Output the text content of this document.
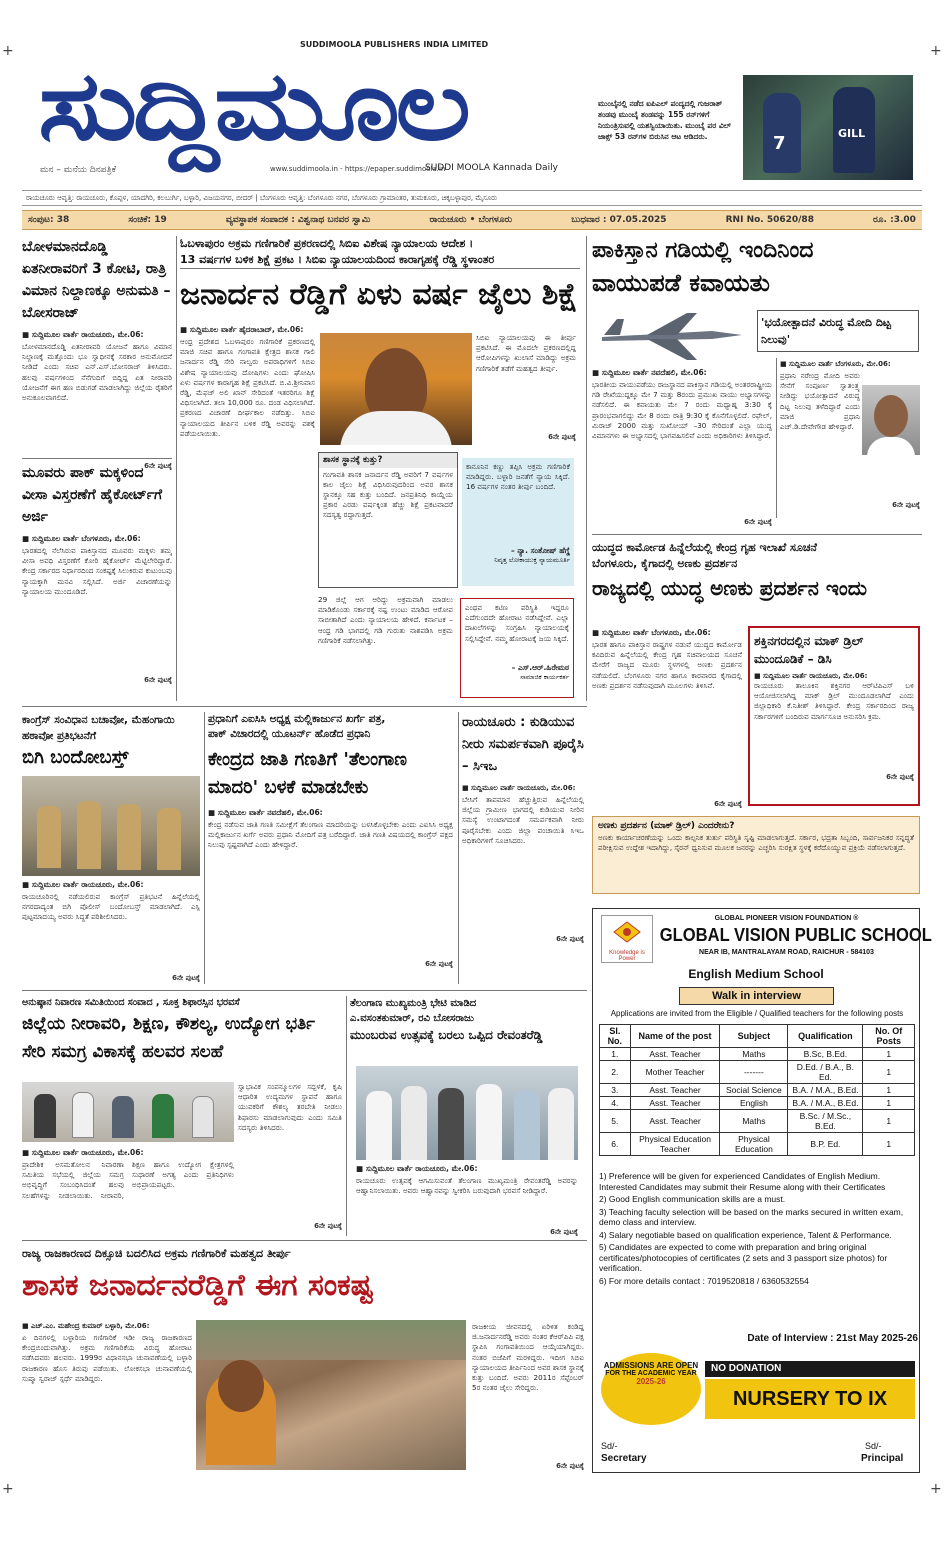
+	+
+	+
ಸುದ್ದಿಮೂಲ
SUDDIMOOLA PUBLISHERS INDIA LIMITED
ಮನ – ಮನೆಯ ದಿನಪತ್ರಿಕೆ	www.suddimoola.in - https://epaper.suddimoola.in
SUDDI MOOLA Kannada Daily
ಮುಂಬೈನಲ್ಲಿ ನಡೆದ ಐಪಿಎಲ್ ಪಂದ್ಯದಲ್ಲಿ ಗುಜರಾತ್ ತಂಡವು ಮುಂಬೈ ತಂಡವನ್ನು 155 ರನ್‌ಗಳಿಗೆ ನಿಯಂತ್ರಿಸುವಲ್ಲಿ ಯಶಸ್ವಿಯಾಯಿತು. ಮುಂಬೈ ಪರ ವಿಲ್ ಜಾಕ್ಸ್ 53 ರನ್‌ಗಳ ಬಿರುಸಿನ ಆಟ ಆಡಿದರು.	7	GILL
ರಾಯಚೂರು ಆವೃತ್ತಿ: ರಾಯಚೂರು, ಕೊಪ್ಪಳ, ಯಾದಗಿರಿ, ಕಲಬುರ್ಗಿ, ಬಳ್ಳಾರಿ, ವಿಜಯನಗರ, ಬೀದರ್ | ಬೆಂಗಳೂರು ಆವೃತ್ತಿ: ಬೆಂಗಳೂರು ನಗರ, ಬೆಂಗಳೂರು ಗ್ರಾಮಾಂತರ, ತುಮಕೂರು, ಚಿಕ್ಕಬಳ್ಳಾಪುರ, ಮೈಸೂರು
ಸಂಪುಟ: 38	ಸಂಚಿಕೆ: 19	ವ್ಯವಸ್ಥಾಪಕ ಸಂಪಾದಕ : ವಿಶ್ವನಾಥ ಬನವರ ಸ್ವಾಮಿ	ರಾಯಚೂರು • ಬೆಂಗಳೂರು	ಬುಧವಾರ : 07.05.2025	RNI No. 50620/88	ರೂ. :3.00
ಬೋಳಮಾನದೊಡ್ಡಿ ಏತನೀರಾವರಿಗೆ 3 ಕೋಟಿ, ರಾತ್ರಿ ವಿಮಾನ ನಿಲ್ದಾಣಕ್ಕೂ ಅನುಮತಿ – ಬೋಸರಾಜ್
■ ಸುದ್ದಿಮೂಲ ವಾರ್ತೆ ರಾಯಚೂರು, ಮೇ.06:
ಬೋಳಮಾನದೊಡ್ಡಿ ಏತನೀರಾವರಿ ಯೋಜನೆ ಹಾಗೂ ವಿಮಾನ ನಿಲ್ದಾಣಕ್ಕೆ ಮತ್ತೊಂದು ಭೂ ಸ್ವಾಧೀನಕ್ಕೆ ಸರಕಾರ ಅನುಮೋದನೆ ನೀಡಿದೆ ಎಂದು ಸಚಿವ ಎನ್.ಎಸ್.ಬೋಸರಾಜ್ ತಿಳಿಸಿದರು. ಹಲವು ವರ್ಷಗಳಿಂದ ನೆನೆಗುದಿಗೆ ಬಿದ್ದಿದ್ದ ಏತ ನೀರಾವರಿ ಯೋಜನೆಗೆ ಈಗ ಹಣ ಬಿಡುಗಡೆ ಮಾಡಲಾಗಿದ್ದು ಜಿಲ್ಲೆಯ ರೈತರಿಗೆ ಅನುಕೂಲವಾಗಲಿದೆ.
6ನೇ ಪುಟಕ್ಕೆ
ಮೂವರು ಪಾಕ್ ಮಕ್ಕಳಿಂದ ವೀಸಾ ವಿಸ್ತರಣೆಗೆ ಹೈಕೋರ್ಟ್‌ಗೆ ಅರ್ಜಿ
■ ಸುದ್ದಿಮೂಲ ವಾರ್ತೆ ಬೆಂಗಳೂರು, ಮೇ.06:
ಭಾರತದಲ್ಲಿ ನೆಲೆಸಿರುವ ಪಾಕಿಸ್ತಾನದ ಮೂವರು ಮಕ್ಕಳು ತಮ್ಮ ವೀಸಾ ಅವಧಿ ವಿಸ್ತರಣೆಗೆ ಕೋರಿ ಹೈಕೋರ್ಟ್ ಮೆಟ್ಟಿಲೇರಿದ್ದಾರೆ. ಕೇಂದ್ರ ಸರ್ಕಾರದ ನಿರ್ಧಾರದಿಂದ ಸಂಕಷ್ಟಕ್ಕೆ ಸಿಲುಕಿರುವ ಕುಟುಂಬವು ನ್ಯಾಯಕ್ಕಾಗಿ ಮನವಿ ಸಲ್ಲಿಸಿದೆ. ಅರ್ಜಿ ವಿಚಾರಣೆಯನ್ನು ನ್ಯಾಯಾಲಯ ಮುಂದೂಡಿದೆ.
6ನೇ ಪುಟಕ್ಕೆ
ಓಬಳಾಪುರಂ ಅಕ್ರಮ ಗಣಿಗಾರಿಕೆ ಪ್ರಕರಣದಲ್ಲಿ ಸಿಬಿಐ ವಿಶೇಷ ನ್ಯಾಯಾಲಯ ಆದೇಶ ।
13 ವರ್ಷಗಳ ಬಳಿಕ ಶಿಕ್ಷೆ ಪ್ರಕಟ । ಸಿಬಿಐ ನ್ಯಾಯಾಲಯದಿಂದ ಕಾರಾಗೃಹಕ್ಕೆ ರೆಡ್ಡಿ ಸ್ಥಳಾಂತರ
ಜನಾರ್ದನ ರೆಡ್ಡಿಗೆ ಏಳು ವರ್ಷ ಜೈಲು ಶಿಕ್ಷೆ
■ ಸುದ್ದಿಮೂಲ ವಾರ್ತೆ ಹೈದರಾಬಾದ್, ಮೇ.06:
ಆಂಧ್ರ ಪ್ರದೇಶದ ಓಬಳಾಪುರಂ ಗಣಿಗಾರಿಕೆ ಪ್ರಕರಣದಲ್ಲಿ ಮಾಜಿ ಸಚಿವ ಹಾಗೂ ಗಂಗಾವತಿ ಕ್ಷೇತ್ರದ ಶಾಸಕ ಗಾಲಿ ಜನಾರ್ದನ ರೆಡ್ಡಿ ಸೇರಿ ನಾಲ್ವರು ಅಪರಾಧಿಗಳಿಗೆ ಸಿಬಿಐ ವಿಶೇಷ ನ್ಯಾಯಾಲಯವು ದೋಷಿಗಳು ಎಂದು ಘೋಷಿಸಿ ಏಳು ವರ್ಷಗಳ ಕಾರಾಗೃಹ ಶಿಕ್ಷೆ ಪ್ರಕಟಿಸಿದೆ. ಬಿ.ವಿ.ಶ್ರೀನಿವಾಸ ರೆಡ್ಡಿ, ಮೆಫಜ್ ಅಲಿ ಖಾನ್ ಸೇರಿದಂತೆ ಇತರರಿಗೂ ಶಿಕ್ಷೆ ವಿಧಿಸಲಾಗಿದೆ. ತಲಾ 10,000 ರೂ. ದಂಡ ವಿಧಿಸಲಾಗಿದೆ. ಪ್ರಕರಣದ ವಿಚಾರಣೆ ದೀರ್ಘಕಾಲ ನಡೆದಿತ್ತು. ಸಿಬಿಐ ನ್ಯಾಯಾಲಯದ ತೀರ್ಪಿನ ಬಳಿಕ ರೆಡ್ಡಿ ಅವರನ್ನು ವಶಕ್ಕೆ ಪಡೆಯಲಾಯಿತು.
ಸಿಬಿಐ ನ್ಯಾಯಾಲಯವು ಈ ತೀರ್ಪು ಪ್ರಕಟಿಸಿದೆ. ಈ ಮೊದಲೇ ಪ್ರಕರಣದಲ್ಲಿದ್ದ ಆರೋಪಿಗಳನ್ನು ಖುಲಾಸೆ ಮಾಡಿದ್ದು ಅಕ್ರಮ ಗಣಿಗಾರಿಕೆ ತಡೆಗೆ ಮಹತ್ವದ ತೀರ್ಪು.
6ನೇ ಪುಟಕ್ಕೆ
ಶಾಸಕ ಸ್ಥಾನಕ್ಕೆ ಕುತ್ತು?
ಗಂಗಾವತಿ ಶಾಸಕ ಜನಾರ್ದನ ರೆಡ್ಡಿ ಅವರಿಗೆ 7 ವರ್ಷಗಳ ಕಾಲ ಜೈಲು ಶಿಕ್ಷೆ ವಿಧಿಸಿರುವುದರಿಂದ ಅವರ ಶಾಸಕ ಸ್ಥಾನಕ್ಕೂ ಸಹ ಕುತ್ತು ಬಂದಿದೆ. ಜನಪ್ರತಿನಿಧಿ ಕಾಯ್ದೆಯ ಪ್ರಕಾರ ಎರಡು ವರ್ಷಕ್ಕಿಂತ ಹೆಚ್ಚು ಶಿಕ್ಷೆ ಪ್ರಕಟವಾದರೆ ಸದಸ್ಯತ್ವ ರದ್ದಾಗುತ್ತದೆ.
ಕಾನೂನಿನ ಕಣ್ಣು ತಪ್ಪಿಸಿ ಅಕ್ರಮ ಗಣಿಗಾರಿಕೆ ಮಾಡಿದ್ದರು. ಬಳ್ಳಾರಿ ಜನತೆಗೆ ನ್ಯಾಯ ಸಿಕ್ಕಿದೆ. 16 ವರ್ಷಗಳ ನಂತರ ತೀರ್ಪು ಬಂದಿದೆ.
– ನ್ಯಾ. ಸಂತೋಷ್ ಹೆಗ್ಡೆ
ನಿವೃತ್ತ ಲೋಕಾಯುಕ್ತ ನ್ಯಾಯಮೂರ್ತಿ
29 ಜಿಲ್ಲೆ ಆಗ ಆರಿದ್ದು ಅಕ್ರಮವಾಗಿ ಮಾಡಲು ಮಾಡಿಕೊಂಡು ಸರ್ಕಾರಕ್ಕೆ ನಷ್ಟ ಉಂಟು ಮಾಡಿದ ಆರೋಪ ಸಾಬೀತಾಗಿದೆ ಎಂದು ನ್ಯಾಯಾಲಯ ಹೇಳಿದೆ. ಕರ್ನಾಟಕ – ಆಂಧ್ರ ಗಡಿ ಭಾಗದಲ್ಲಿ ಗಡಿ ಗುರುತು ನಾಶಪಡಿಸಿ ಅಕ್ರಮ ಗಣಿಗಾರಿಕೆ ನಡೆಸಲಾಗಿತ್ತು.
ಎಂಥವ ಕಟಿಣ ಪರಿಸ್ಥಿತಿ ಇದ್ದರೂ ಎದೆಗುಂದದೇ ಹೋರಾಟ ನಡೆಸಿದ್ದೇವೆ. ಎಲ್ಲಾ ದಾಖಲೆಗಳನ್ನು ಸಂಗ್ರಹಿಸಿ ನ್ಯಾಯಾಲಯಕ್ಕೆ ಸಲ್ಲಿಸಿದ್ದೇವೆ. ನಮ್ಮ ಹೋರಾಟಕ್ಕೆ ಜಯ ಸಿಕ್ಕಿದೆ.
– ಎಸ್.ಆರ್.ಹಿರೇಮಠ
ಸಾಮಾಜಿಕ ಕಾರ್ಯಕರ್ತ
ಪಾಕಿಸ್ತಾನ ಗಡಿಯಲ್ಲಿ ಇಂದಿನಿಂದ
ವಾಯುಪಡೆ ಕವಾಯತು
'ಭಯೋತ್ಪಾದನೆ ವಿರುದ್ಧ ಮೋದಿ ದಿಟ್ಟ ನಿಲುವು'
■ ಸುದ್ದಿಮೂಲ ವಾರ್ತೆ ನವದೆಹಲಿ, ಮೇ.06:
ಭಾರತೀಯ ವಾಯುಪಡೆಯು ರಾಜಸ್ಥಾನದ ಪಾಕಿಸ್ತಾನ ಗಡಿಯಲ್ಲಿ ಅಂತರರಾಷ್ಟ್ರೀಯ ಗಡಿ ರೇಖೆಯುದ್ದಕ್ಕೂ ಮೇ 7 ಮತ್ತು 8ರಂದು ಪ್ರಮುಖ ವಾಯು ಅಭ್ಯಾಸಗಳನ್ನು ನಡೆಸಲಿದೆ. ಈ ಕವಾಯತು ಮೇ 7 ರಂದು ಮಧ್ಯಾಹ್ನ 3:30 ಕ್ಕೆ ಪ್ರಾರಂಭವಾಗಲಿದ್ದು ಮೇ 8 ರಂದು ರಾತ್ರಿ 9:30 ಕ್ಕೆ ಕೊನೆಗೊಳ್ಳಲಿದೆ. ರಫೇಲ್, ಮಿರಾಜ್ 2000 ಮತ್ತು ಸುಖೋಯ್ –30 ಸೇರಿದಂತೆ ಎಲ್ಲಾ ಯುದ್ಧ ವಿಮಾನಗಳು ಈ ಅಭ್ಯಾಸದಲ್ಲಿ ಭಾಗವಹಿಸಲಿವೆ ಎಂದು ಅಧಿಕಾರಿಗಳು ತಿಳಿಸಿದ್ದಾರೆ.
6ನೇ ಪುಟಕ್ಕೆ
■ ಸುದ್ದಿಮೂಲ ವಾರ್ತೆ ಬೆಂಗಳೂರು, ಮೇ.06:
ಪ್ರಧಾನಿ ನರೇಂದ್ರ ಮೋದಿ ಅವರು ಸೇನೆಗೆ ಸಂಪೂರ್ಣ ಸ್ವಾತಂತ್ರ್ಯ ನೀಡಿದ್ದು ಭಯೋತ್ಪಾದನೆ ವಿರುದ್ಧ ದಿಟ್ಟ ನಿಲುವು ತಳೆದಿದ್ದಾರೆ ಎಂದು ಮಾಜಿ ಪ್ರಧಾನಿ ಎಚ್.ಡಿ.ದೇವೇಗೌಡ ಹೇಳಿದ್ದಾರೆ.
6ನೇ ಪುಟಕ್ಕೆ
ಯುದ್ಧದ ಕಾರ್ಮೋಡ ಹಿನ್ನೆಲೆಯಲ್ಲಿ ಕೇಂದ್ರ ಗೃಹ ಇಲಾಖೆ ಸೂಚನೆ
ಬೆಂಗಳೂರು, ಕೈಗಾದಲ್ಲಿ ಅಣಕು ಪ್ರದರ್ಶನ
ರಾಜ್ಯದಲ್ಲಿ ಯುದ್ಧ ಅಣಕು ಪ್ರದರ್ಶನ ಇಂದು
■ ಸುದ್ದಿಮೂಲ ವಾರ್ತೆ ಬೆಂಗಳೂರು, ಮೇ.06:
ಭಾರತ ಹಾಗೂ ಪಾಕಿಸ್ತಾನ ರಾಷ್ಟ್ರಗಳ ನಡುವೆ ಯುದ್ಧದ ಕಾರ್ಮೋಡ ಕವಿದಿರುವ ಹಿನ್ನೆಲೆಯಲ್ಲಿ ಕೇಂದ್ರ ಗೃಹ ಸಚಿವಾಲಯದ ಸೂಚನೆ ಮೇರೆಗೆ ರಾಜ್ಯದ ಮೂರು ಸ್ಥಳಗಳಲ್ಲಿ ಅಣಕು ಪ್ರದರ್ಶನ ನಡೆಯಲಿದೆ. ಬೆಂಗಳೂರು ನಗರ ಹಾಗೂ ಕಾರವಾರದ ಕೈಗಾದಲ್ಲಿ ಅಣಕು ಪ್ರದರ್ಶನ ನಡೆಸುವುದಾಗಿ ಮೂಲಗಳು ತಿಳಿಸಿವೆ.
6ನೇ ಪುಟಕ್ಕೆ
ಶಕ್ತಿನಗರದಲ್ಲಿನ ಮಾಕ್ ಡ್ರಿಲ್ ಮುಂದೂಡಿಕೆ – ಡಿಸಿ
■ ಸುದ್ದಿಮೂಲ ವಾರ್ತೆ ರಾಯಚೂರು, ಮೇ.06:
ರಾಯಚೂರು ತಾಲೂಕಿನ ಶಕ್ತಿನಗರ ಆರ್‌ಟಿಪಿಎಸ್ ಬಳಿ ಆಯೋಜಿಸಲಾಗಿದ್ದ ಮಾಕ್ ಡ್ರಿಲ್ ಮುಂದೂಡಲಾಗಿದೆ ಎಂದು ಜಿಲ್ಲಾಧಿಕಾರಿ ಕೆ.ನಿತೀಶ್ ತಿಳಿಸಿದ್ದಾರೆ. ಕೇಂದ್ರ ಸರ್ಕಾರದಿಂದ ರಾಜ್ಯ ಸರ್ಕಾರಗಳಿಗೆ ಬಂದಿರುವ ಮಾರ್ಗಸೂಚಿ ಅನುಸರಿಸಿ ಕ್ರಮ.
6ನೇ ಪುಟಕ್ಕೆ
ಅಣಕು ಪ್ರದರ್ಶನ (ಮಾಕ್ ಡ್ರಿಲ್) ಎಂದರೇನು?
ಅಣಕು ಕಾರ್ಯಾಚರಣೆಯನ್ನು ಒಂದು ಕಾಲ್ಪನಿಕ ತುರ್ತು ಪರಿಸ್ಥಿತಿ ಸೃಷ್ಟಿ ಮಾಡಲಾಗುತ್ತದೆ. ಸರ್ಕಾರ, ಭದ್ರತಾ ಸಿಬ್ಬಂದಿ, ಸಾರ್ವಜನಿಕರ ಸನ್ನದ್ಧತೆ ಪರೀಕ್ಷಿಸುವ ಉದ್ದೇಶ ಇದಾಗಿದ್ದು, ಸೈರನ್ ಧ್ವನಿಸುವ ಮೂಲಕ ಜನರನ್ನು ಎಚ್ಚರಿಸಿ ಸುರಕ್ಷಿತ ಸ್ಥಳಕ್ಕೆ ಕರೆದೊಯ್ಯುವ ಪ್ರಕ್ರಿಯೆ ನಡೆಸಲಾಗುತ್ತದೆ.
ಕಾಂಗ್ರೆಸ್ ಸಂವಿಧಾನ ಬಚಾವೋ, ಮೆಹಂಗಾಯಿ ಹಠಾವೋ ಪ್ರತಿಭಟನೆಗೆ
ಬಿಗಿ ಬಂದೋಬಸ್ತ್
■ ಸುದ್ದಿಮೂಲ ವಾರ್ತೆ ರಾಯಚೂರು, ಮೇ.06:
ರಾಯಚೂರಿನಲ್ಲಿ ನಡೆಯಲಿರುವ ಕಾಂಗ್ರೆಸ್ ಪ್ರತಿಭಟನೆ ಹಿನ್ನೆಲೆಯಲ್ಲಿ ನಗರದಾದ್ಯಂತ ಬಿಗಿ ಪೊಲೀಸ್ ಬಂದೋಬಸ್ತ್ ಮಾಡಲಾಗಿದೆ. ಎಸ್ಪಿ ಪುಟ್ಟಮಾದಯ್ಯ ಅವರು ಸಿದ್ಧತೆ ಪರಿಶೀಲಿಸಿದರು.
6ನೇ ಪುಟಕ್ಕೆ
ಪ್ರಧಾನಿಗೆ ಎಐಸಿಸಿ ಅಧ್ಯಕ್ಷ ಮಲ್ಲಿಕಾರ್ಜುನ ಖರ್ಗೆ ಪತ್ರ,
ಪಾಕ್ ವಿಚಾರದಲ್ಲಿ ಯೂಟರ್ನ್ ಹೊಡೆದ ಪ್ರಧಾನಿ
ಕೇಂದ್ರದ ಜಾತಿ ಗಣತಿಗೆ 'ತೆಲಂಗಾಣ ಮಾದರಿ' ಬಳಕೆ ಮಾಡಬೇಕು
■ ಸುದ್ದಿಮೂಲ ವಾರ್ತೆ ನವದೆಹಲಿ, ಮೇ.06:
ಕೇಂದ್ರ ನಡೆಸುವ ಜಾತಿ ಗಣತಿ ಸಮೀಕ್ಷೆಗೆ ತೆಲಂಗಾಣ ಮಾದರಿಯನ್ನು ಬಳಸಿಕೊಳ್ಳಬೇಕು ಎಂದು ಎಐಸಿಸಿ ಅಧ್ಯಕ್ಷ ಮಲ್ಲಿಕಾರ್ಜುನ ಖರ್ಗೆ ಅವರು ಪ್ರಧಾನಿ ಮೋದಿಗೆ ಪತ್ರ ಬರೆದಿದ್ದಾರೆ. ಜಾತಿ ಗಣತಿ ವಿಷಯದಲ್ಲಿ ಕಾಂಗ್ರೆಸ್ ಪಕ್ಷದ ನಿಲುವು ಸ್ಪಷ್ಟವಾಗಿದೆ ಎಂದು ಹೇಳಿದ್ದಾರೆ.
6ನೇ ಪುಟಕ್ಕೆ
ರಾಯಚೂರು : ಕುಡಿಯುವ ನೀರು ಸಮರ್ಪಕವಾಗಿ ಪೂರೈಸಿ – ಸಿಇಒ
■ ಸುದ್ದಿಮೂಲ ವಾರ್ತೆ ರಾಯಚೂರು, ಮೇ.06:
ಬೇಸಿಗೆ ತಾಪಮಾನ ಹೆಚ್ಚುತ್ತಿರುವ ಹಿನ್ನೆಲೆಯಲ್ಲಿ ಜಿಲ್ಲೆಯ ಗ್ರಾಮೀಣ ಭಾಗದಲ್ಲಿ ಕುಡಿಯುವ ನೀರಿನ ಸಮಸ್ಯೆ ಉಂಟಾಗದಂತೆ ಸಮರ್ಪಕವಾಗಿ ನೀರು ಪೂರೈಸಬೇಕು ಎಂದು ಜಿಲ್ಲಾ ಪಂಚಾಯಿತಿ ಸಿಇಒ ಅಧಿಕಾರಿಗಳಿಗೆ ಸೂಚಿಸಿದರು.
6ನೇ ಪುಟಕ್ಕೆ
ಅನುಷ್ಠಾನ ನಿವಾರಣ ಸಮಿತಿಯಿಂದ ಸಂವಾದ , ಸೂಕ್ತ ಶಿಫಾರಸ್ಸಿನ ಭರವಸೆ
ಜಿಲ್ಲೆಯ ನೀರಾವರಿ, ಶಿಕ್ಷಣ, ಕೌಶಲ್ಯ, ಉದ್ಯೋಗ ಭರ್ತಿ ಸೇರಿ ಸಮಗ್ರ ವಿಕಾಸಕ್ಕೆ ಹಲವರ ಸಲಹೆ
■ ಸುದ್ದಿಮೂಲ ವಾರ್ತೆ ರಾಯಚೂರು, ಮೇ.06:
ಪ್ರಾದೇಶಿಕ ಅಸಮತೋಲನ ನಿವಾರಣಾ ಸಮಿತಿಯ ಸಭೆಯಲ್ಲಿ ಜಿಲ್ಲೆಯ ಸಮಗ್ರ ಅಭಿವೃದ್ಧಿಗೆ ಸಂಬಂಧಿಸಿದಂತೆ ಹಲವು ಸಲಹೆಗಳನ್ನು ನೀಡಲಾಯಿತು. ನೀರಾವರಿ, ಶಿಕ್ಷಣ ಹಾಗೂ ಉದ್ಯೋಗ ಕ್ಷೇತ್ರಗಳಲ್ಲಿ ಸುಧಾರಣೆ ಅಗತ್ಯ ಎಂದು ಪ್ರತಿನಿಧಿಗಳು ಅಭಿಪ್ರಾಯಪಟ್ಟರು.
ಸ್ವಾಭಾವಿಕ ಸಂಪನ್ಮೂಲಗಳ ಸದ್ಬಳಕೆ, ಕೃಷಿ ಆಧಾರಿತ ಉದ್ಯಮಗಳ ಸ್ಥಾಪನೆ ಹಾಗೂ ಯುವಕರಿಗೆ ಕೌಶಲ್ಯ ತರಬೇತಿ ನೀಡಲು ಶಿಫಾರಸು ಮಾಡಲಾಗುವುದು ಎಂದು ಸಮಿತಿ ಸದಸ್ಯರು ತಿಳಿಸಿದರು.
6ನೇ ಪುಟಕ್ಕೆ
ತೆಲಂಗಾಣ ಮುಖ್ಯಮಂತ್ರಿ ಭೇಟಿ ಮಾಡಿದ
ಎ.ವಸಂತಕುಮಾರ್, ರವಿ ಬೋಸರಾಜು
ಮುಂಬರುವ ಉತ್ಸವಕ್ಕೆ ಬರಲು ಒಪ್ಪಿದ ರೇವಂತರೆಡ್ಡಿ
■ ಸುದ್ದಿಮೂಲ ವಾರ್ತೆ ರಾಯಚೂರು, ಮೇ.06:
ರಾಯಚೂರು ಉತ್ಸವಕ್ಕೆ ಆಗಮಿಸುವಂತೆ ತೆಲಂಗಾಣ ಮುಖ್ಯಮಂತ್ರಿ ರೇವಂತರೆಡ್ಡಿ ಅವರನ್ನು ಆಹ್ವಾನಿಸಲಾಯಿತು. ಅವರು ಆಹ್ವಾನವನ್ನು ಸ್ವೀಕರಿಸಿ ಬರುವುದಾಗಿ ಭರವಸೆ ನೀಡಿದ್ದಾರೆ.
6ನೇ ಪುಟಕ್ಕೆ
ರಾಜ್ಯ ರಾಜಕಾರಣದ ದಿಕ್ಸೂಚಿ ಬದಲಿಸಿದ ಅಕ್ರಮ ಗಣಿಗಾರಿಕೆ ಮಹತ್ವದ ತೀರ್ಪು
ಶಾಸಕ ಜನಾರ್ದನರೆಡ್ಡಿಗೆ ಈಗ ಸಂಕಷ್ಟ
■ ಎಚ್.ಎಂ. ಮಹೇಂದ್ರ ಕುಮಾರ್ ಬಳ್ಳಾರಿ, ಮೇ.06:
ಏ ದಿನಗಳಲ್ಲಿ ಬಳ್ಳಾರಿಯ ಗಣಿಗಾರಿಕೆ ಇಡೀ ರಾಜ್ಯ ರಾಜಕಾರಣದ ಕೇಂದ್ರಬಿಂದುವಾಗಿತ್ತು. ಅಕ್ರಮ ಗಣಿಗಾರಿಕೆಯ ವಿರುದ್ಧ ಹೋರಾಟ ನಡೆಸಿದವರು ಹಲವರು. 1999ರ ವಿಧಾನಸಭಾ ಚುನಾವಣೆಯಲ್ಲಿ ಬಳ್ಳಾರಿ ರಾಜಕಾರಣ ಹೊಸ ತಿರುವು ಪಡೆಯಿತು. ಲೋಕಸಭಾ ಚುನಾವಣೆಯಲ್ಲಿ ಸುಷ್ಮಾ ಸ್ವರಾಜ್ ಸ್ಪರ್ಧೆ ಮಾಡಿದ್ದರು.
ರಾಜಕೀಯ ಜೀವನದಲ್ಲಿ ಏರಿಳಿತ ಕಂಡಿದ್ದ ಜಿ.ಜನಾರ್ದನರೆಡ್ಡಿ ಅವರು ನಂತರ ಕೆಆರ್‌ಪಿಪಿ ಪಕ್ಷ ಸ್ಥಾಪಿಸಿ ಗಂಗಾವತಿಯಿಂದ ಆಯ್ಕೆಯಾಗಿದ್ದರು. ನಂತರ ಬಿಜೆಪಿಗೆ ಮರಳಿದ್ದರು. ಇದೀಗ ಸಿಬಿಐ ನ್ಯಾಯಾಲಯದ ತೀರ್ಪಿನಿಂದ ಅವರ ಶಾಸಕ ಸ್ಥಾನಕ್ಕೆ ಕುತ್ತು ಬಂದಿದೆ. ಅವರು 2011ರ ಸೆಪ್ಟೆಂಬರ್ 5ರ ನಂತರ ಜೈಲು ಸೇರಿದ್ದರು.
6ನೇ ಪುಟಕ್ಕೆ
Knowledge is Power
GLOBAL PIONEER VISION FOUNDATION ®
GLOBAL VISION PUBLIC SCHOOL
NEAR IB, MANTRALAYAM ROAD, RAICHUR - 584103
English Medium School
Walk in interview
Applications are invited from the Eligible / Qualified teachers for the following posts
Sl. No.	Name of the post	Subject	Qualification	No. Of Posts
1.	Asst. Teacher	Maths	B.Sc, B.Ed.	1
2.	Mother Teacher	-------	D.Ed. / B.A., B. Ed.	1
3.	Asst. Teacher	Social Science	B.A. / M.A., B.Ed.	1
4.	Asst. Teacher	English	B.A. / M.A., B.Ed.	1
5.	Asst. Teacher	Maths	B.Sc. / M.Sc., B.Ed.	1
6.	Physical Education Teacher	Physical Education	B.P. Ed.	1
1) Preference will be given for experienced Candidates of English Medium. Interested Candidates may submit their Resume along with their Certificates
2) Good English communication skills are a must.
3) Teaching faculty selection will be based on the marks secured in written exam, demo class and interview.
4) Salary negotiable based on qualification experience, Talent & Performance.
5) Candidates are expected to come with preparation and bring original certificates/photocopies of certificates (2 sets and 3 passport size photos) for verification.
6) For more details contact : 7019520818 / 6360532554
Date of Interview : 21st May 2025-26
ADMISSIONS ARE OPEN
FOR THE ACADEMIC YEAR
2025-26
NO DONATION
NURSERY TO IX
Sd/-
Secretary
Sd/-
Principal
